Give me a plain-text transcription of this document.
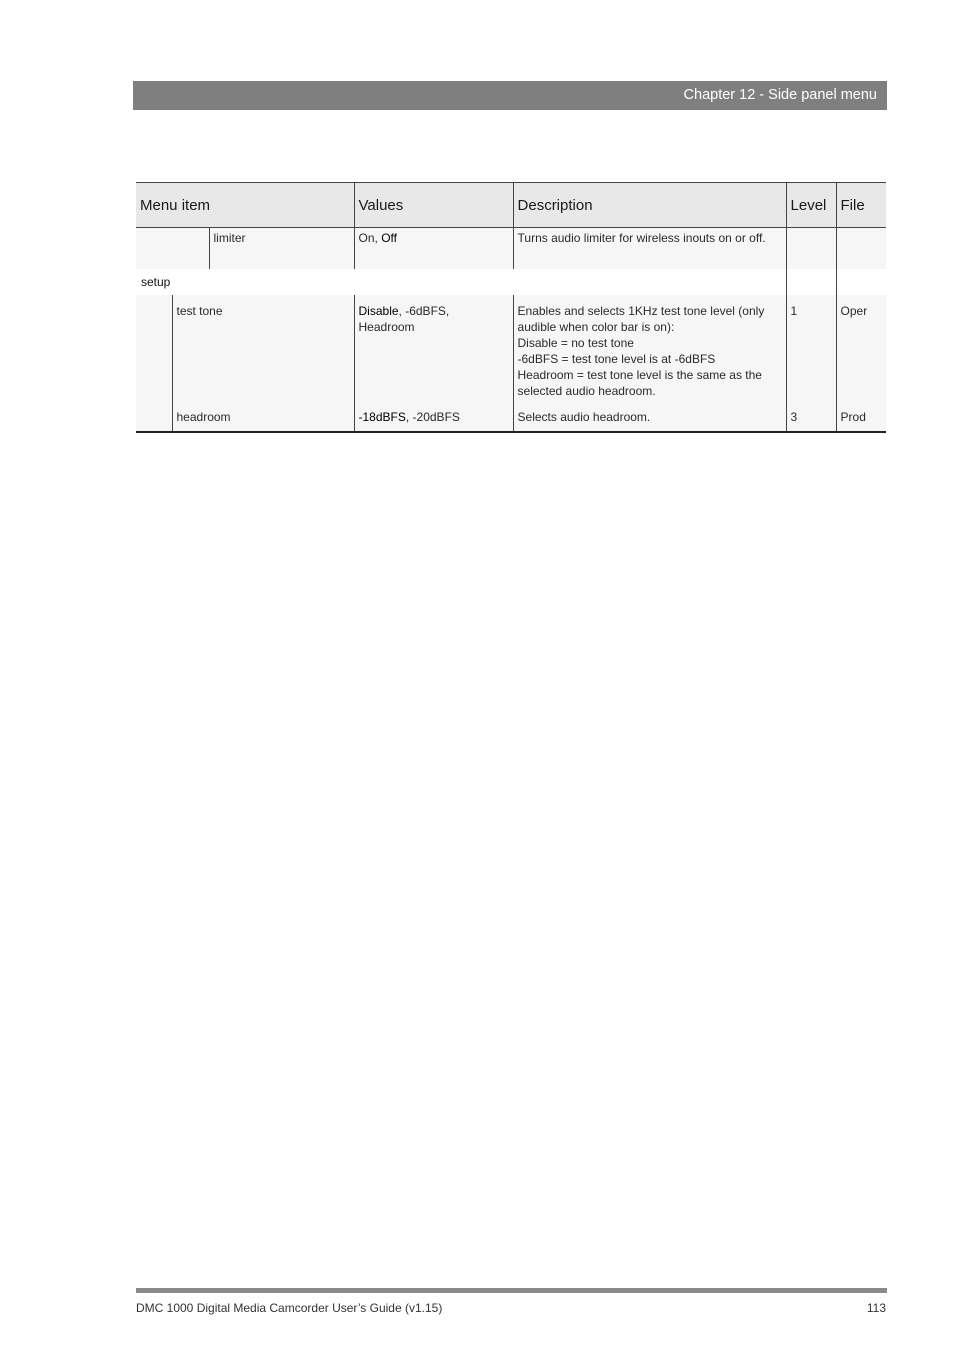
Chapter 12 - Side panel menu
Menu item			Values	Description	Level	File
		limiter	On, Off	Turns audio limiter for wireless inouts on or off.		
setup						
	test tone		Disable, -6dBFS, Headroom	Enables and selects 1KHz test tone level (only audible when color bar is on):
Disable = no test tone
-6dBFS = test tone level is at -6dBFS
Headroom = test tone level is the same as the selected audio headroom.	1	Oper
	headroom		-18dBFS, -20dBFS	Selects audio headroom.	3	Prod
DMC 1000 Digital Media Camcorder User’s Guide (v1.15)	113
